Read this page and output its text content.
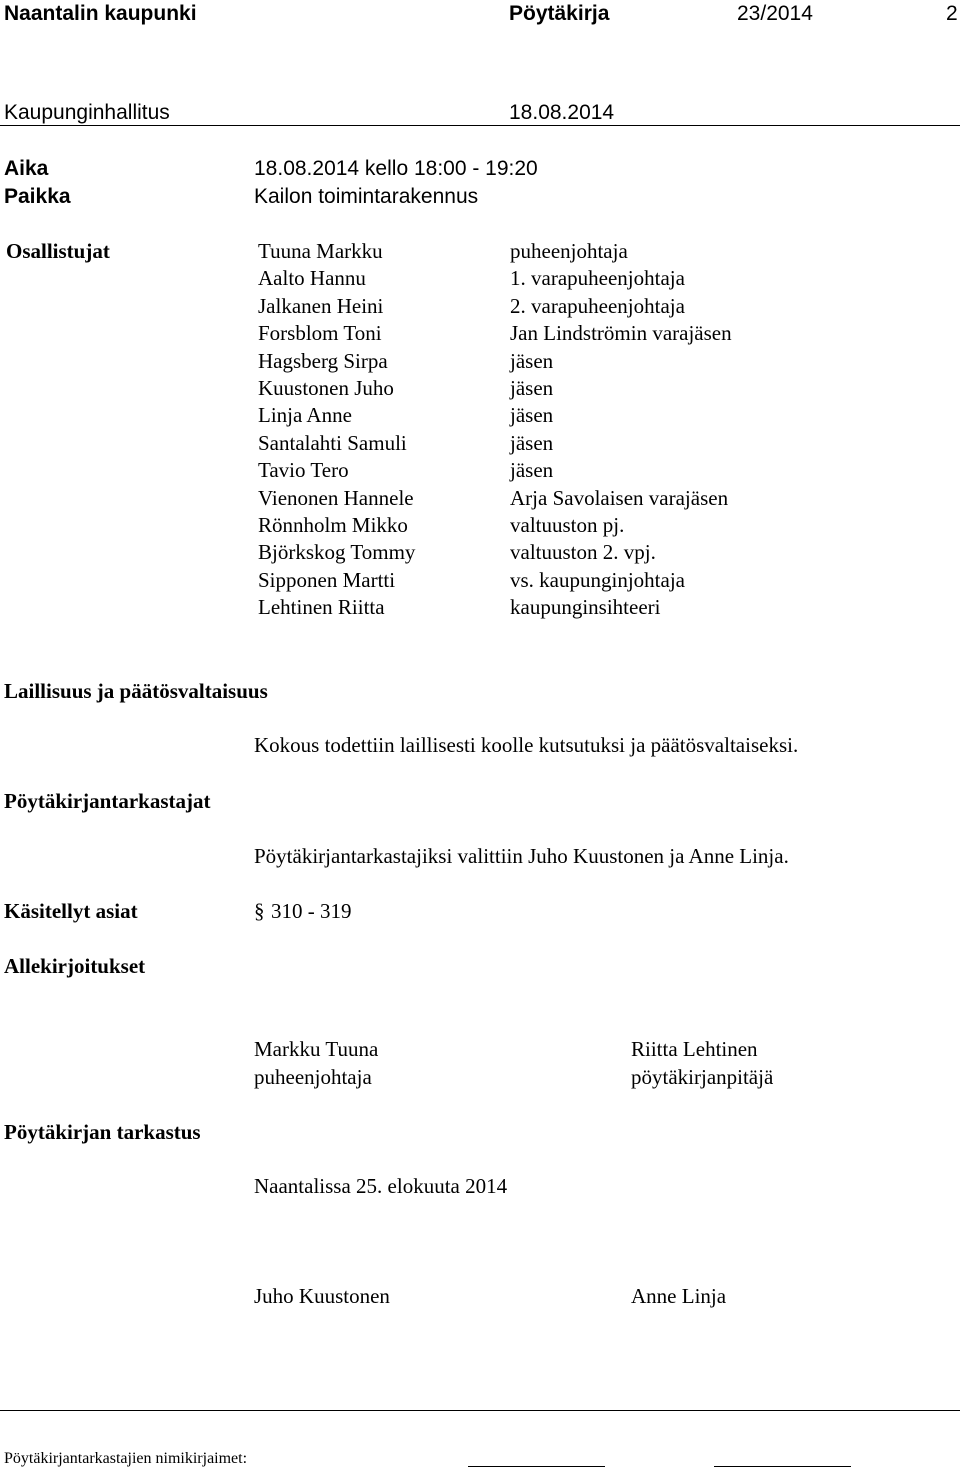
Naantalin kaupunki	Pöytäkirja	23/2014	2
Kaupunginhallitus	18.08.2014
Aika	18.08.2014 kello 18:00 - 19:20
Paikka	Kailon toimintarakennus
Osallistujat	Tuuna Markku	puheenjohtaja
Aalto Hannu	1. varapuheenjohtaja
Jalkanen Heini	2. varapuheenjohtaja
Forsblom Toni	Jan Lindströmin varajäsen
Hagsberg Sirpa	jäsen
Kuustonen Juho	jäsen
Linja Anne	jäsen
Santalahti Samuli	jäsen
Tavio Tero	jäsen
Vienonen Hannele	Arja Savolaisen varajäsen
Rönnholm Mikko	valtuuston pj.
Björkskog Tommy	valtuuston 2. vpj.
Sipponen Martti	vs. kaupunginjohtaja
Lehtinen Riitta	kaupunginsihteeri
Laillisuus ja päätösvaltaisuus
Kokous todettiin laillisesti koolle kutsutuksi ja päätösvaltaiseksi.
Pöytäkirjantarkastajat
Pöytäkirjantarkastajiksi valittiin Juho Kuustonen ja Anne Linja.
Käsitellyt asiat	§ 310 - 319
Allekirjoitukset
Markku Tuuna
puheenjohtaja
Riitta Lehtinen
pöytäkirjanpitäjä
Pöytäkirjan tarkastus
Naantalissa 25. elokuuta 2014
Juho Kuustonen	Anne Linja
Pöytäkirjantarkastajien nimikirjaimet:
